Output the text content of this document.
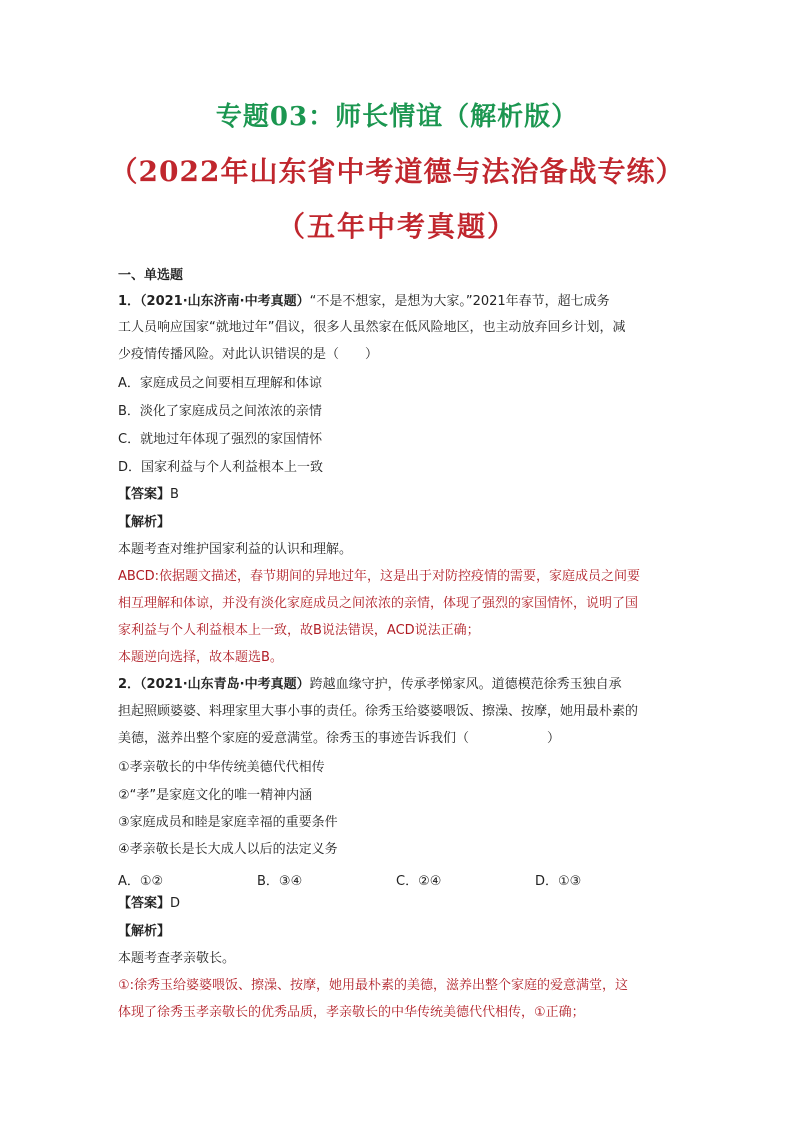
专题03：师长情谊（解析版）
（2022年山东省中考道德与法治备战专练）
（五年中考真题）
一、单选题
1．（2021·山东济南·中考真题）“不是不想家，是想为大家。”2021年春节，超七成务
工人员响应国家“就地过年”倡议，很多人虽然家在低风险地区，也主动放弃回乡计划，减
少疫情传播风险。对此认识错误的是（　　）
A．家庭成员之间要相互理解和体谅
B．淡化了家庭成员之间浓浓的亲情
C．就地过年体现了强烈的家国情怀
D．国家利益与个人利益根本上一致
【答案】B
【解析】
本题考查对维护国家利益的认识和理解。
ABCD:依据题文描述，春节期间的异地过年，这是出于对防控疫情的需要，家庭成员之间要
相互理解和体谅，并没有淡化家庭成员之间浓浓的亲情，体现了强烈的家国情怀，说明了国
家利益与个人利益根本上一致，故B说法错误，ACD说法正确；
本题逆向选择，故本题选B。
2．（2021·山东青岛·中考真题）跨越血缘守护，传承孝悌家风。道德模范徐秀玉独自承
担起照顾婆婆、料理家里大事小事的责任。徐秀玉给婆婆喂饭、擦澡、按摩，她用最朴素的
美德，滋养出整个家庭的爱意满堂。徐秀玉的事迹告诉我们（　　　　　　）
①孝亲敬长的中华传统美德代代相传
②“孝”是家庭文化的唯一精神内涵
③家庭成员和睦是家庭幸福的重要条件
④孝亲敬长是长大成人以后的法定义务
A．①②	B．③④	C．②④	D．①③
【答案】D
【解析】
本题考查孝亲敬长。
①:徐秀玉给婆婆喂饭、擦澡、按摩，她用最朴素的美德，滋养出整个家庭的爱意满堂，这
体现了徐秀玉孝亲敬长的优秀品质，孝亲敬长的中华传统美德代代相传，①正确；
